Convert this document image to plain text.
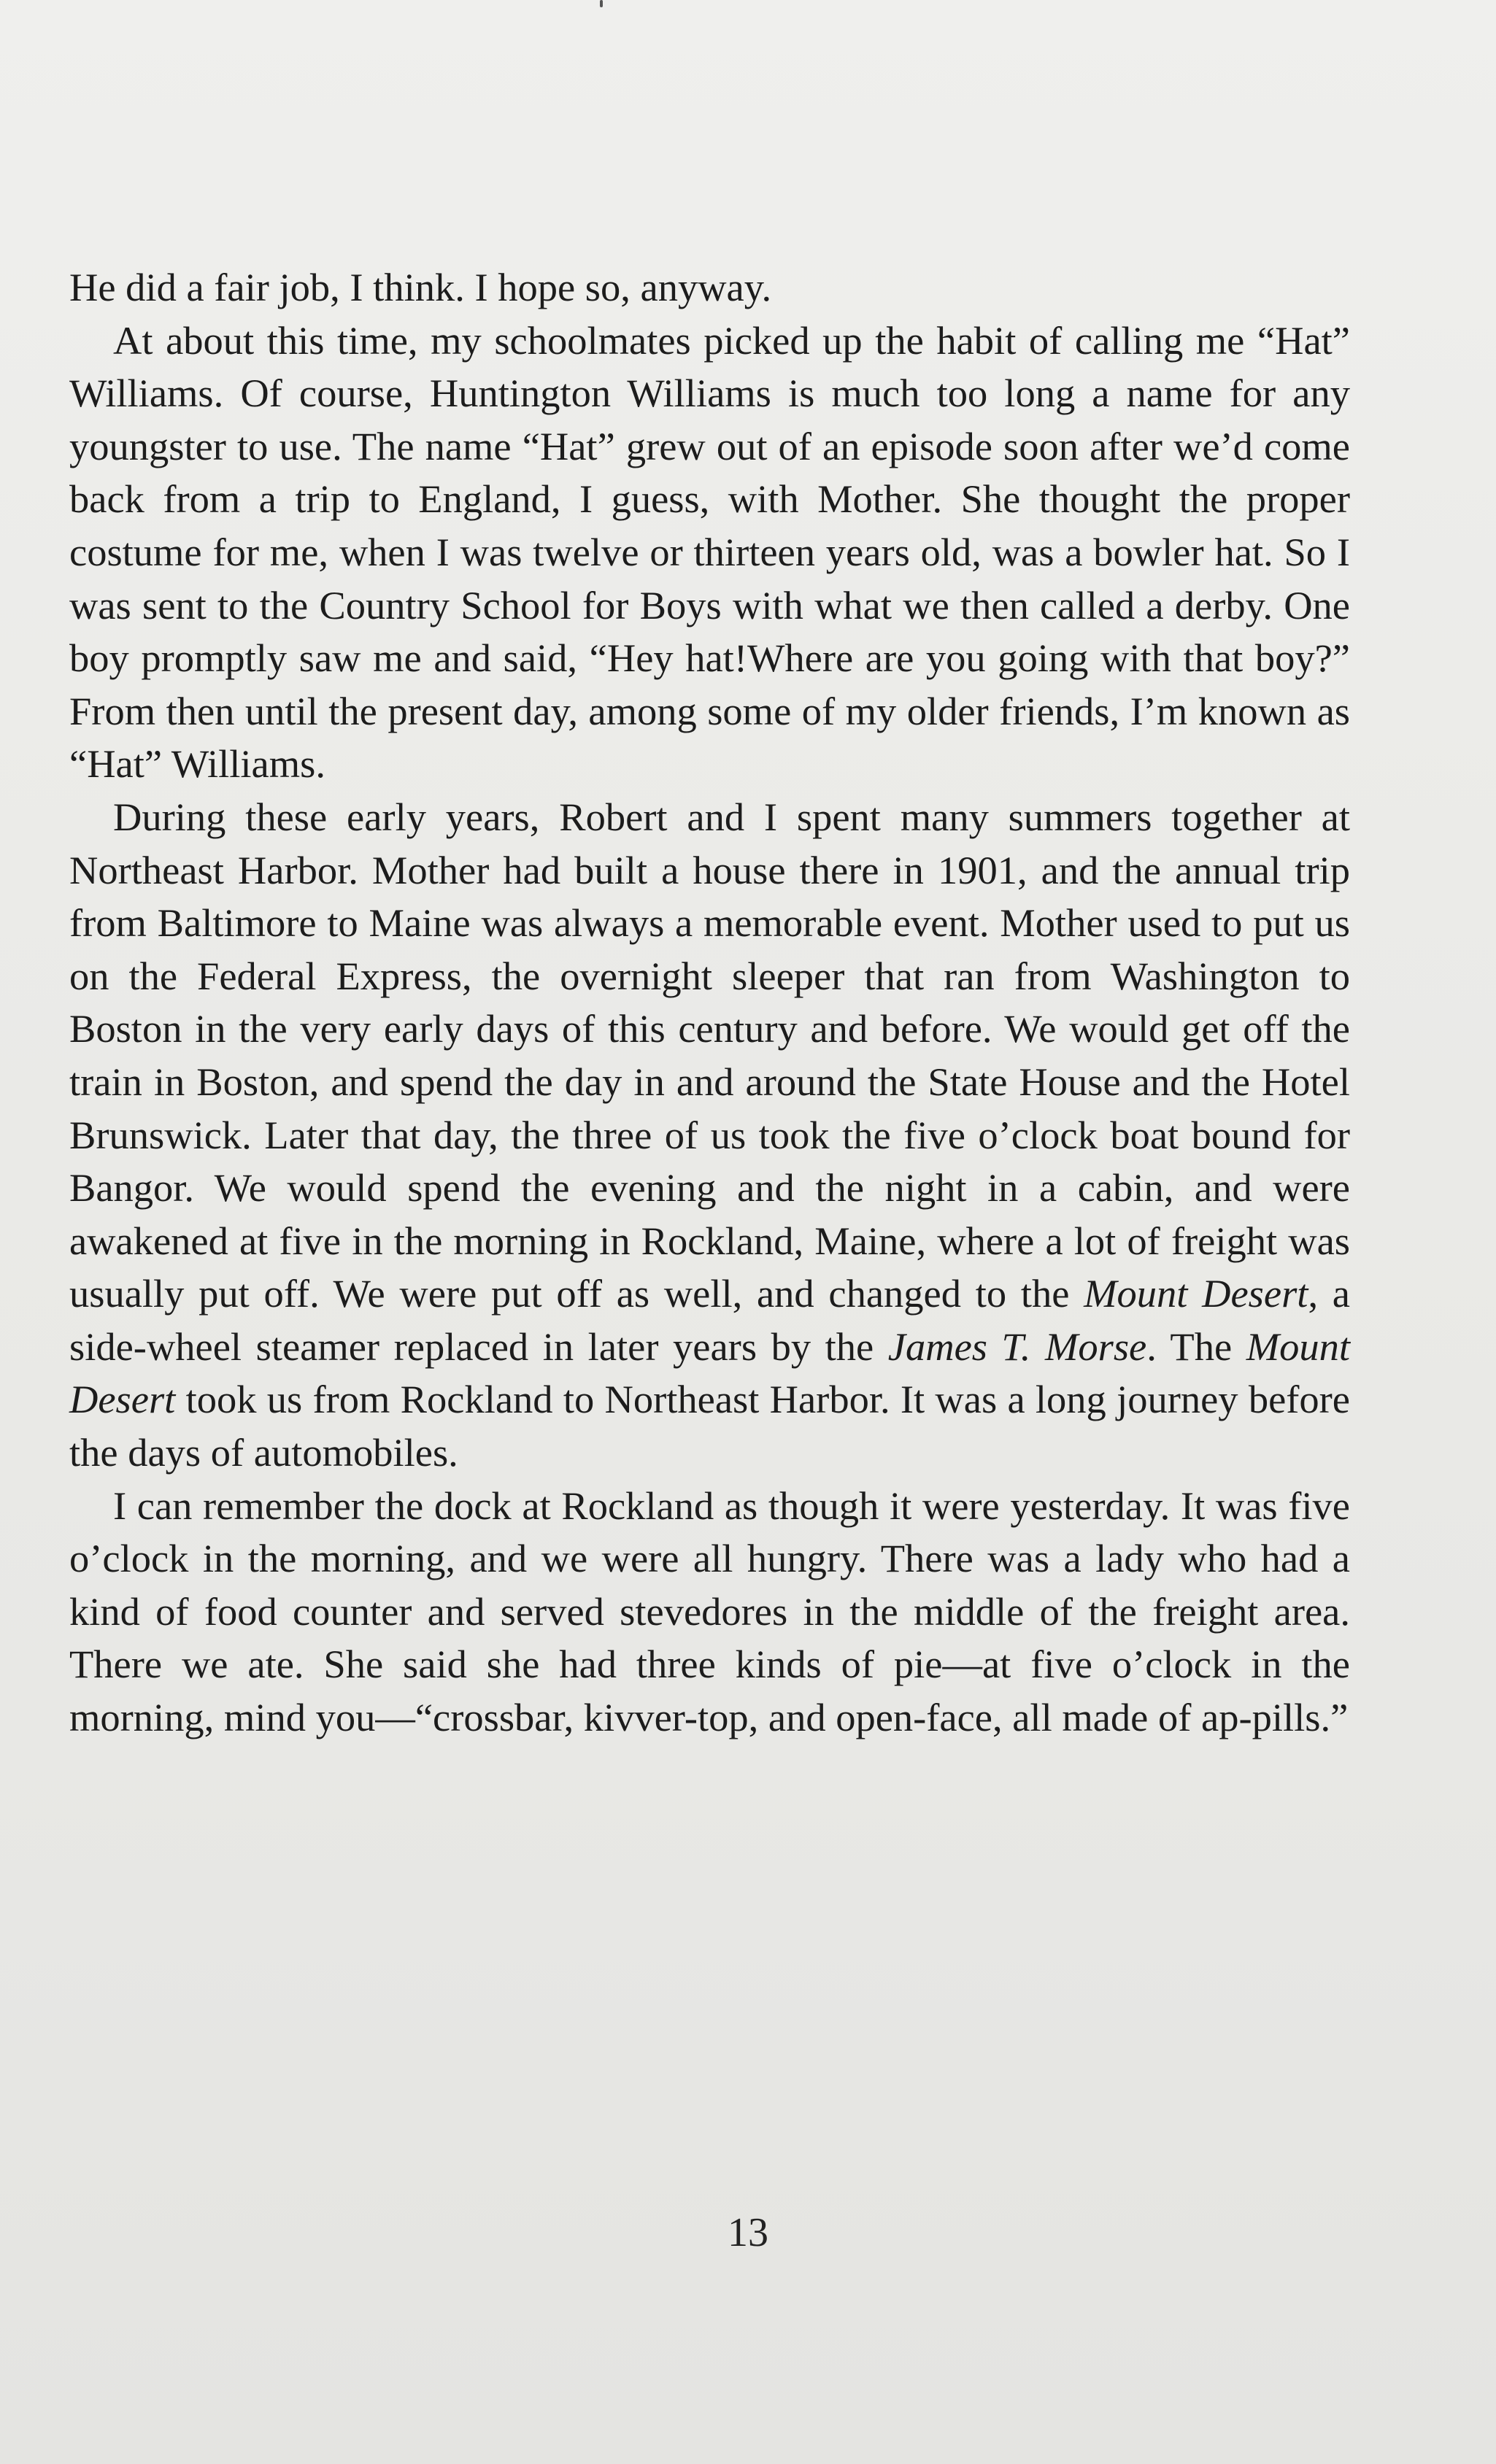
He did a fair job, I think. I hope so, anyway.

At about this time, my schoolmates picked up the habit of calling me “Hat” Williams. Of course, Huntington Williams is much too long a name for any youngster to use. The name “Hat” grew out of an episode soon after we’d come back from a trip to England, I guess, with Mother. She thought the proper costume for me, when I was twelve or thirteen years old, was a bowler hat. So I was sent to the Country School for Boys with what we then called a derby. One boy promptly saw me and said, “Hey hat!Where are you going with that boy?” From then until the present day, among some of my older friends, I’m known as “Hat” Williams.

During these early years, Robert and I spent many summers together at Northeast Harbor. Mother had built a house there in 1901, and the annual trip from Baltimore to Maine was always a memorable event. Mother used to put us on the Federal Express, the overnight sleeper that ran from Washington to Boston in the very early days of this century and before. We would get off the train in Boston, and spend the day in and around the State House and the Hotel Brunswick. Later that day, the three of us took the five o’clock boat bound for Bangor. We would spend the evening and the night in a cabin, and were awakened at five in the morning in Rockland, Maine, where a lot of freight was usually put off. We were put off as well, and changed to the Mount Desert, a side-wheel steamer replaced in later years by the James T. Morse. The Mount Desert took us from Rockland to Northeast Harbor. It was a long journey before the days of automobiles.

I can remember the dock at Rockland as though it were yesterday. It was five o’clock in the morning, and we were all hungry. There was a lady who had a kind of food counter and served stevedores in the middle of the freight area. There we ate. She said she had three kinds of pie—at five o’clock in the morning, mind you—“crossbar, kivver-top, and open-face, all made of ap-pills.”

13
